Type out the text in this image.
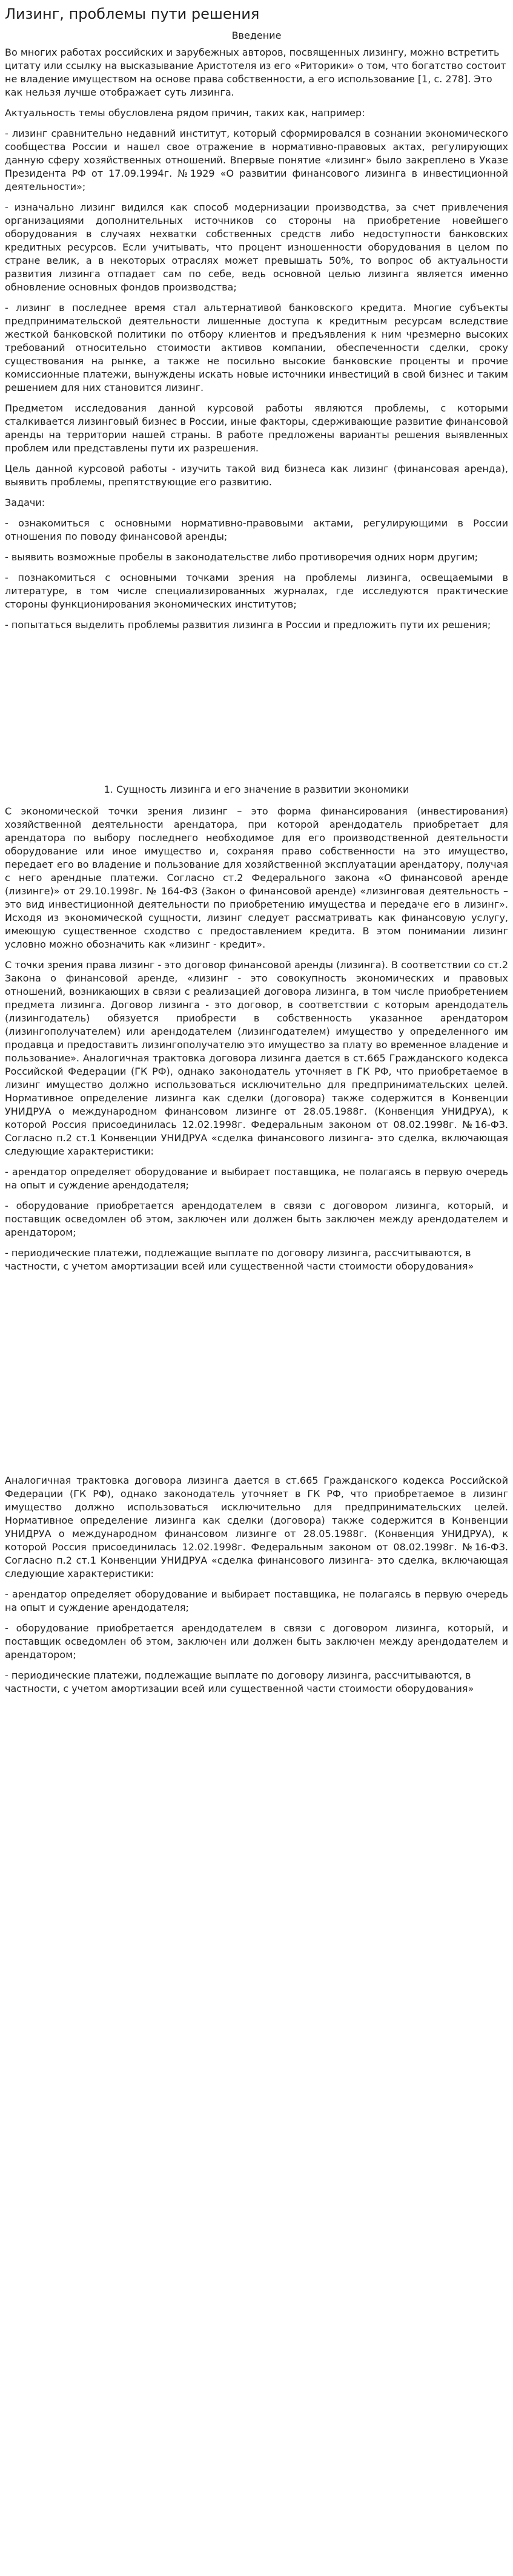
Лизинг, проблемы пути решения

Введение

Во многих работах российских и зарубежных авторов, посвященных лизингу, можно встретить цитату или ссылку на высказывание Аристотеля из его «Риторики» о том, что богатство состоит не владение имуществом на основе права собственности, а его использование [1, с. 278]. Это как нельзя лучше отображает суть лизинга.

Актуальность темы обусловлена рядом причин, таких как, например:

- лизинг сравнительно недавний институт, который сформировался в сознании экономического сообщества России и нашел свое отражение в нормативно-правовых актах, регулирующих данную сферу хозяйственных отношений. Впервые понятие «лизинг» было закреплено в Указе Президента РФ от 17.09.1994г. №1929 «О развитии финансового лизинга в инвестиционной деятельности»;

- изначально лизинг видился как способ модернизации производства, за счет привлечения организациями дополнительных источников со стороны на приобретение новейшего оборудования в случаях нехватки собственных средств либо недоступности банковских кредитных ресурсов. Если учитывать, что процент изношенности оборудования в целом по стране велик, а в некоторых отраслях может превышать 50%, то вопрос об актуальности развития лизинга отпадает сам по себе, ведь основной целью лизинга является именно обновление основных фондов производства;

- лизинг в последнее время стал альтернативой банковского кредита. Многие субъекты предпринимательской деятельности лишенные доступа к кредитным ресурсам вследствие жесткой банковской политики по отбору клиентов и предъявления к ним чрезмерно высоких требований относительно стоимости активов компании, обеспеченности сделки, сроку существования на рынке, а также не посильно высокие банковские проценты и прочие комиссионные платежи, вынуждены искать новые источники инвестиций в свой бизнес и таким решением для них становится лизинг.

Предметом исследования данной курсовой работы являются проблемы, с которыми сталкивается лизинговый бизнес в России, иные факторы, сдерживающие развитие финансовой аренды на территории нашей страны. В работе предложены варианты решения выявленных проблем или представлены пути их разрешения.

Цель данной курсовой работы - изучить такой вид бизнеса как лизинг (финансовая аренда), выявить проблемы, препятствующие его развитию.

Задачи:

- ознакомиться с основными нормативно-правовыми актами, регулирующими в России отношения по поводу финансовой аренды;

- выявить возможные пробелы в законодательстве либо противоречия одних норм другим;

- познакомиться с основными точками зрения на проблемы лизинга, освещаемыми в литературе, в том числе специализированных журналах, где исследуются практические стороны функционирования экономических институтов;

- попытаться выделить проблемы развития лизинга в России и предложить пути их решения;

1. Сущность лизинга и его значение в развитии экономики

С экономической точки зрения лизинг – это форма финансирования (инвестирования) хозяйственной деятельности арендатора, при которой арендодатель приобретает для арендатора по выбору последнего необходимое для его производственной деятельности оборудование или иное имущество и, сохраняя право собственности на это имущество, передает его во владение и пользование для хозяйственной эксплуатации арендатору, получая с него арендные платежи. Согласно ст.2 Федерального закона «О финансовой аренде (лизинге)» от 29.10.1998г. № 164-ФЗ (Закон о финансовой аренде) «лизинговая деятельность – это вид инвестиционной деятельности по приобретению имущества и передаче его в лизинг». Исходя из экономической сущности, лизинг следует рассматривать как финансовую услугу, имеющую существенное сходство с предоставлением кредита. В этом понимании лизинг условно можно обозначить как «лизинг - кредит».

С точки зрения права лизинг - это договор финансовой аренды (лизинга). В соответствии со ст.2 Закона о финансовой аренде, «лизинг - это совокупность экономических и правовых отношений, возникающих в связи с реализацией договора лизинга, в том числе приобретением предмета лизинга. Договор лизинга - это договор, в соответствии с которым арендодатель (лизингодатель) обязуется приобрести в собственность указанное арендатором (лизингополучателем) или арендодателем (лизингодателем) имущество у определенного им продавца и предоставить лизингополучателю это имущество за плату во временное владение и пользование». Аналогичная трактовка договора лизинга дается в ст.665 Гражданского кодекса Российской Федерации (ГК РФ), однако законодатель уточняет в ГК РФ, что приобретаемое в лизинг имущество должно использоваться исключительно для предпринимательских целей. Нормативное определение лизинга как сделки (договора) также содержится в Конвенции УНИДРУА о международном финансовом лизинге от 28.05.1988г. (Конвенция УНИДРУА), к которой Россия присоединилась 12.02.1998г. Федеральным законом от 08.02.1998г. №16-ФЗ. Согласно п.2 ст.1 Конвенции УНИДРУА «сделка финансового лизинга- это сделка, включающая следующие характеристики:

- арендатор определяет оборудование и выбирает поставщика, не полагаясь в первую очередь на опыт и суждение арендодателя;

- оборудование приобретается арендодателем в связи с договором лизинга, который, и поставщик осведомлен об этом, заключен или должен быть заключен между арендодателем и арендатором;

- периодические платежи, подлежащие выплате по договору лизинга, рассчитываются, в частности, с учетом амортизации всей или существенной части стоимости оборудования»

Аналогичная трактовка договора лизинга дается в ст.665 Гражданского кодекса Российской Федерации (ГК РФ), однако законодатель уточняет в ГК РФ, что приобретаемое в лизинг имущество должно использоваться исключительно для предпринимательских целей. Нормативное определение лизинга как сделки (договора) также содержится в Конвенции УНИДРУА о международном финансовом лизинге от 28.05.1988г. (Конвенция УНИДРУА), к которой Россия присоединилась 12.02.1998г. Федеральным законом от 08.02.1998г. №16-ФЗ. Согласно п.2 ст.1 Конвенции УНИДРУА «сделка финансового лизинга- это сделка, включающая следующие характеристики:

- арендатор определяет оборудование и выбирает поставщика, не полагаясь в первую очередь на опыт и суждение арендодателя;

- оборудование приобретается арендодателем в связи с договором лизинга, который, и поставщик осведомлен об этом, заключен или должен быть заключен между арендодателем и арендатором;

- периодические платежи, подлежащие выплате по договору лизинга, рассчитываются, в частности, с учетом амортизации всей или существенной части стоимости оборудования»
